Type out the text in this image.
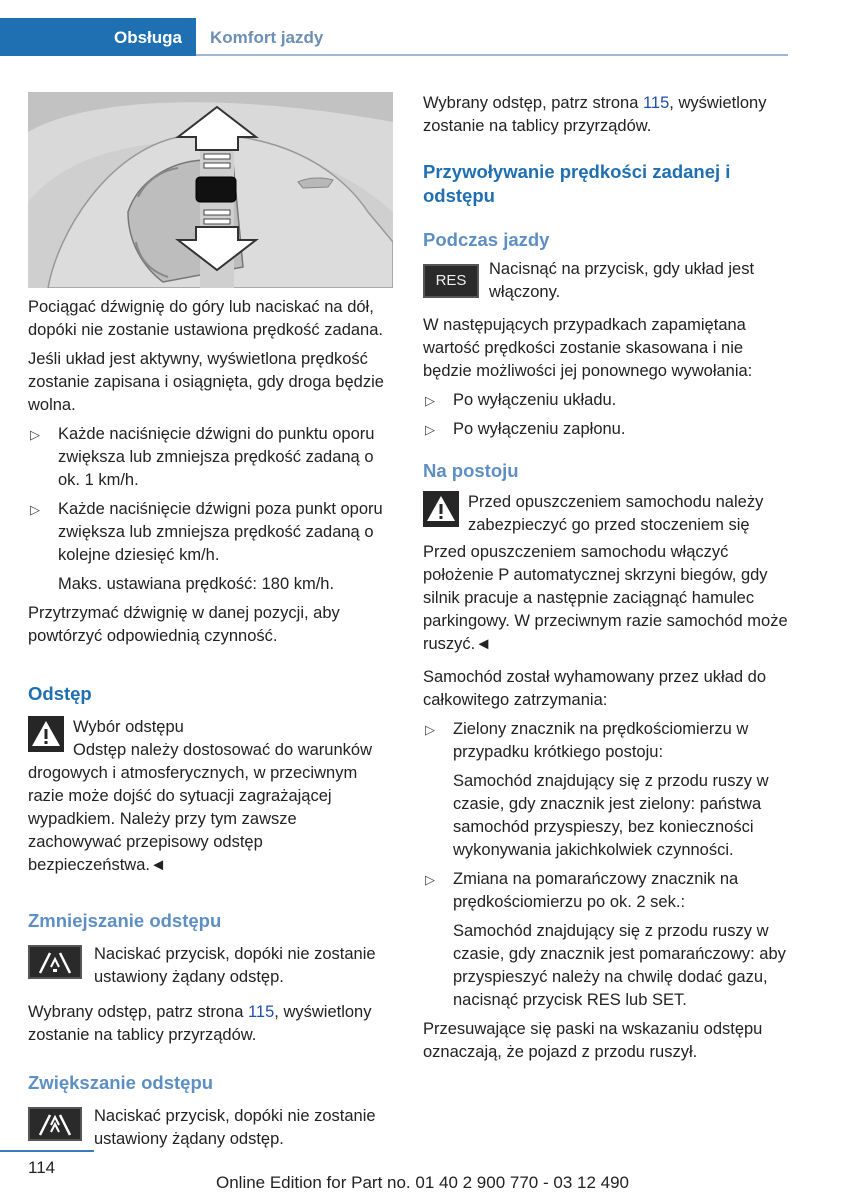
Obsługa	Komfort jazdy

Pociągać dźwignię do góry lub naciskać na dół, dopóki nie zostanie ustawiona prędkość zadana.

Jeśli układ jest aktywny, wyświetlona prędkość zostanie zapisana i osiągnięta, gdy droga będzie wolna.

▷ Każde naciśnięcie dźwigni do punktu oporu zwiększa lub zmniejsza prędkość zadaną o ok. 1 km/h.
▷ Każde naciśnięcie dźwigni poza punkt oporu zwiększa lub zmniejsza prędkość zadaną o kolejne dziesięć km/h.

Maks. ustawiana prędkość: 180 km/h.

Przytrzymać dźwignię w danej pozycji, aby powtórzyć odpowiednią czynność.

Odstęp
Wybór odstępu
Odstęp należy dostosować do warunków

drogowych i atmosferycznych, w przeciwnym razie może dojść do sytuacji zagrażającej wypadkiem. Należy przy tym zawsze zachowywać przepisowy odstęp bezpieczeństwa.◄

Zmniejszanie odstępu
Naciskać przycisk, dopóki nie zostanie ustawiony żądany odstęp.

Wybrany odstęp, patrz strona 115, wyświetlony zostanie na tablicy przyrządów.

Zwiększanie odstępu
Naciskać przycisk, dopóki nie zostanie ustawiony żądany odstęp.

Wybrany odstęp, patrz strona 115, wyświetlony zostanie na tablicy przyrządów.

Przywoływanie prędkości zadanej i odstępu
Podczas jazdy
RES
Nacisnąć na przycisk, gdy układ jest włączony.

W następujących przypadkach zapamiętana wartość prędkości zostanie skasowana i nie będzie możliwości jej ponownego wywołania:

▷ Po wyłączeniu układu.
▷ Po wyłączeniu zapłonu.
Na postoju
Przed opuszczeniem samochodu należy zabezpieczyć go przed stoczeniem się

Przed opuszczeniem samochodu włączyć położenie P automatycznej skrzyni biegów, gdy silnik pracuje a następnie zaciągnąć hamulec parkingowy. W przeciwnym razie samochód może ruszyć.◄

Samochód został wyhamowany przez układ do całkowitego zatrzymania:

▷ Zielony znacznik na prędkościomierzu w przypadku krótkiego postoju:

Samochód znajdujący się z przodu ruszy w czasie, gdy znacznik jest zielony: państwa samochód przyspieszy, bez konieczności wykonywania jakichkolwiek czynności.

▷ Zmiana na pomarańczowy znacznik na prędkościomierzu po ok. 2 sek.:

Samochód znajdujący się z przodu ruszy w czasie, gdy znacznik jest pomarańczowy: aby przyspieszyć należy na chwilę dodać gazu, nacisnąć przycisk RES lub SET.

Przesuwające się paski na wskazaniu odstępu oznaczają, że pojazd z przodu ruszył.

114
Online Edition for Part no. 01 40 2 900 770 - 03 12 490
